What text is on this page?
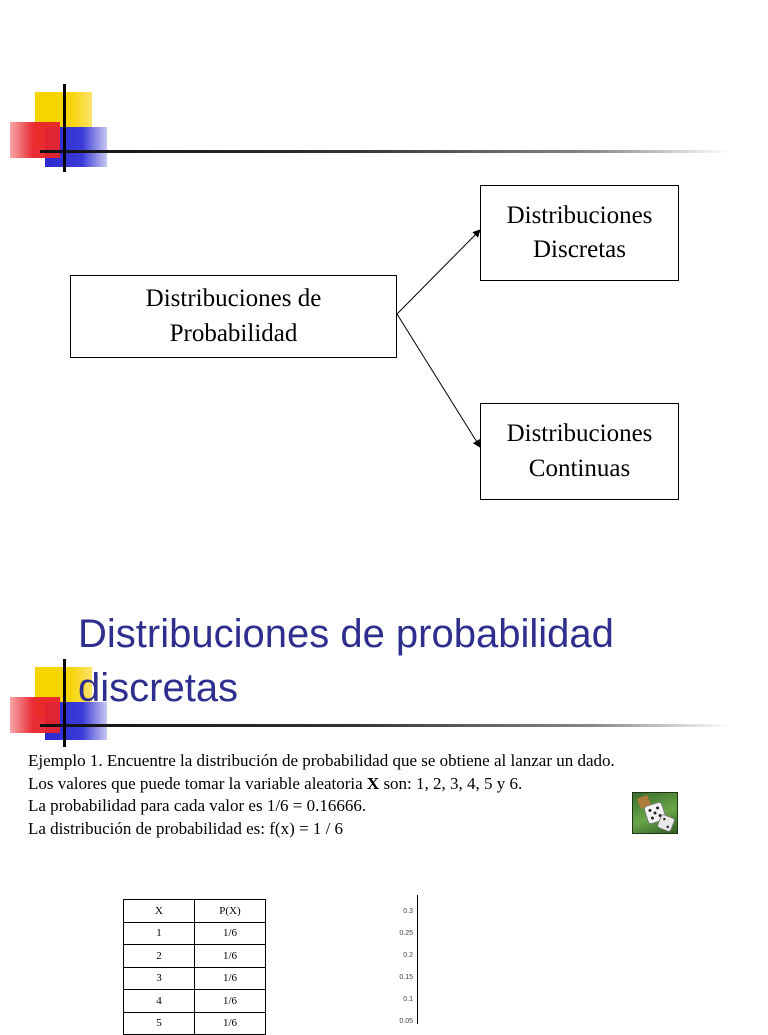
Distribuciones de
Probabilidad
Distribuciones
Discretas
Distribuciones
Continuas
Distribuciones de probabilidad
discretas

Ejemplo 1. Encuentre la distribución de probabilidad que se obtiene al lanzar un dado.

Los valores que puede tomar la variable aleatoria X son: 1, 2, 3, 4, 5 y 6.

La probabilidad para cada valor es 1/6 = 0.16666.

La distribución de probabilidad es: f(x) = 1 / 6

X	P(X)
1	1/6
2	1/6
3	1/6
4	1/6
5	1/6
0.3
0.25
0.2
0.15
0.1
0.05
